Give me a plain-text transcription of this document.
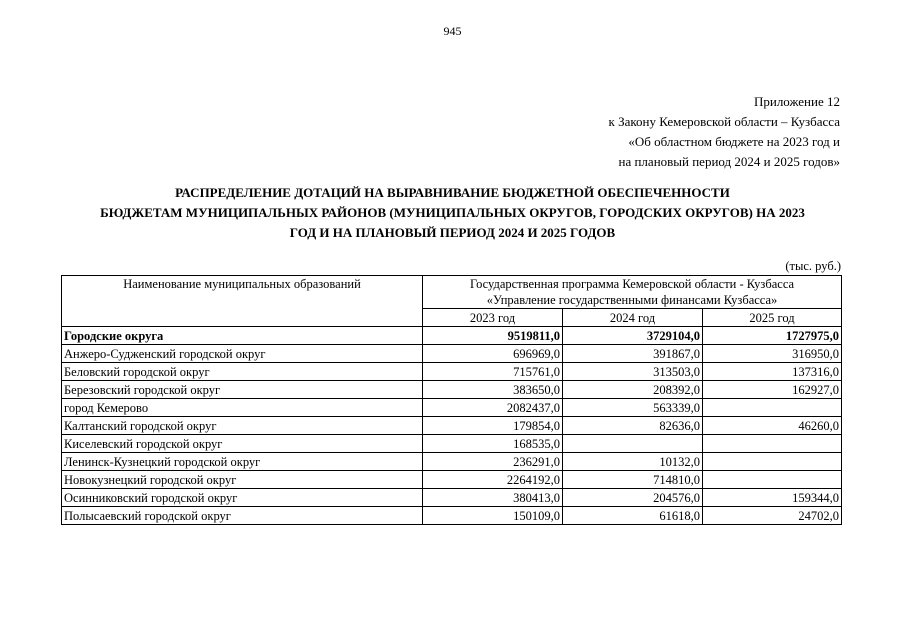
945
Приложение 12
к Закону Кемеровской области – Кузбасса
«Об областном бюджете на 2023 год и
на плановый период 2024 и 2025 годов»
РАСПРЕДЕЛЕНИЕ ДОТАЦИЙ НА ВЫРАВНИВАНИЕ БЮДЖЕТНОЙ ОБЕСПЕЧЕННОСТИ
БЮДЖЕТАМ МУНИЦИПАЛЬНЫХ РАЙОНОВ (МУНИЦИПАЛЬНЫХ ОКРУГОВ, ГОРОДСКИХ ОКРУГОВ) НА 2023
ГОД И НА ПЛАНОВЫЙ ПЕРИОД 2024 И 2025 ГОДОВ
(тыс. руб.)
Наименование муниципальных образований	Государственная программа Кемеровской области - Кузбасса
«Управление государственными финансами Кузбасса»		

	2023 год	2024 год	2025 год
Городские округа	9519811,0	3729104,0	1727975,0
Анжеро-Судженский городской округ	696969,0	391867,0	316950,0
Беловский городской округ	715761,0	313503,0	137316,0
Березовский городской округ	383650,0	208392,0	162927,0
город Кемерово	2082437,0	563339,0	
Калтанский городской округ	179854,0	82636,0	46260,0
Киселевский городской округ	168535,0		
Ленинск-Кузнецкий городской округ	236291,0	10132,0	
Новокузнецкий городской округ	2264192,0	714810,0	
Осинниковский городской округ	380413,0	204576,0	159344,0
Полысаевский городской округ	150109,0	61618,0	24702,0
